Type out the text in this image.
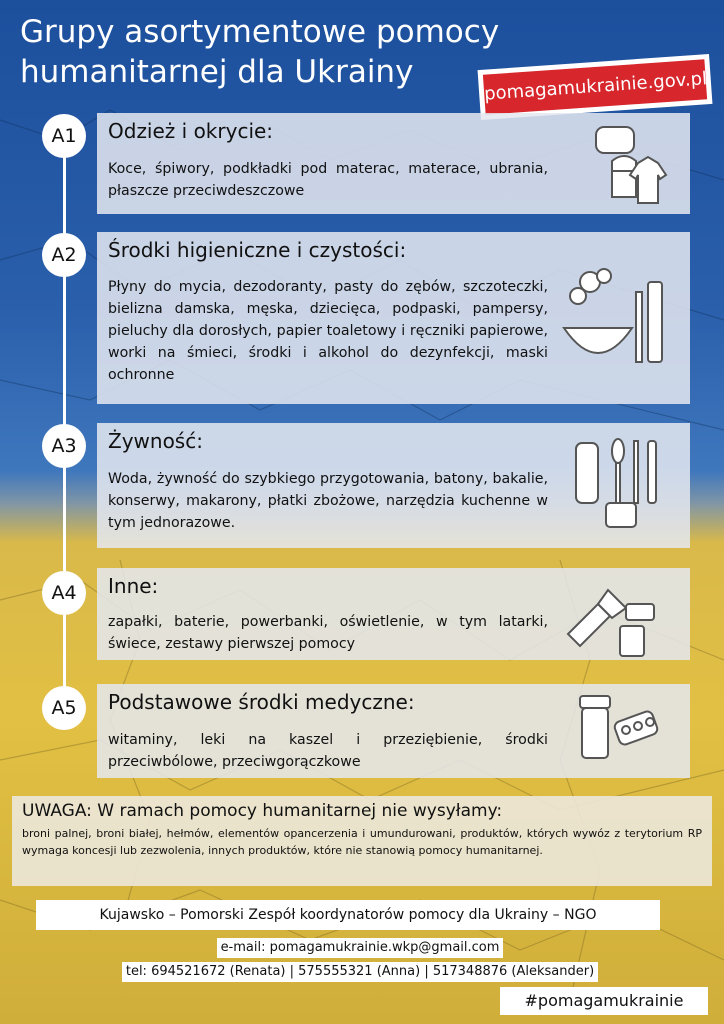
Grupy asortymentowe pomocy
humanitarnej dla Ukrainy	pomagamukrainie.gov.pl
A1	Odzież i okrycie:

Koce, śpiwory, podkładki pod materac, materace, ubrania, płaszcze przeciwdeszczowe

A2	Środki higieniczne i czystości:

Płyny do mycia, dezodoranty, pasty do zębów, szczoteczki, bielizna damska, męska, dziecięca, podpaski, pampersy, pieluchy dla dorosłych, papier toaletowy i ręczniki papierowe, worki na śmieci, środki i alkohol do dezynfekcji, maski ochronne

A3	Żywność:

Woda, żywność do szybkiego przygotowania, batony, bakalie, konserwy, makarony, płatki zbożowe, narzędzia kuchenne w tym jednorazowe.

A4	Inne:

zapałki, baterie, powerbanki, oświetlenie, w tym latarki, świece, zestawy pierwszej pomocy

A5	Podstawowe środki medyczne:

witaminy, leki na kaszel i przeziębienie, środki przeciwbólowe, przeciwgorączkowe

UWAGA: W ramach pomocy humanitarnej nie wysyłamy:

broni palnej, broni białej, hełmów, elementów opancerzenia i umundurowani, produktów, których wywóz z terytorium RP wymaga koncesji lub zezwolenia, innych produktów, które nie stanowią pomocy humanitarnej.

Kujawsko – Pomorski Zespół koordynatorów pomocy dla Ukrainy – NGO
e-mail: pomagamukrainie.wkp@gmail.com
tel: 694521672 (Renata) | 575555321 (Anna) | 517348876 (Aleksander)
#pomagamukrainie
